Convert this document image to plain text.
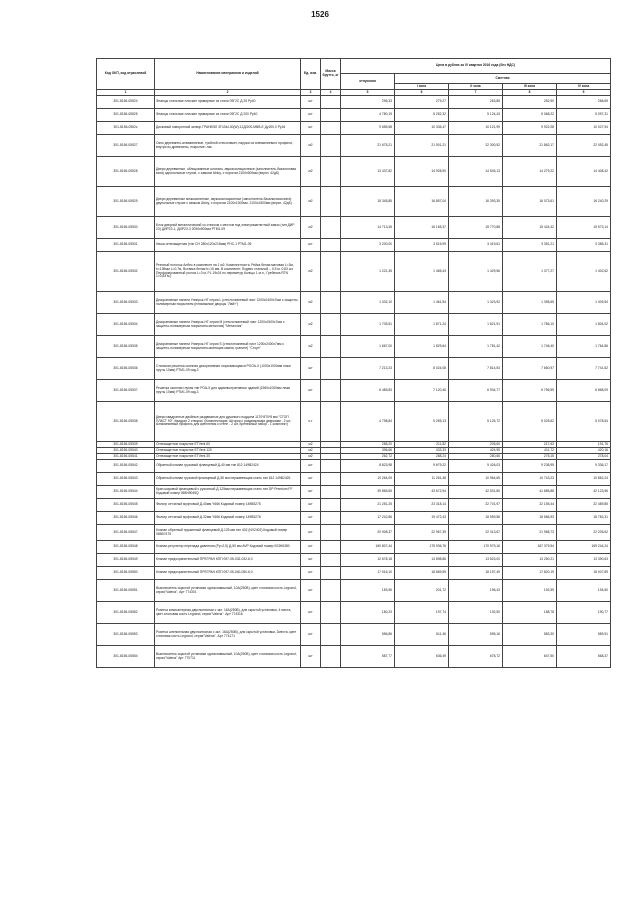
1526
Код ОКП, код отраслевой	Наименование материалов и изделий	Ед. изм.	Масса брутто, кг	Цена в рублях за IV квартал 2016 года (без НДС)				
				отпускная	Сметная			
					I зона	II зона	III зона	IV зона
1	2	3	4	5	6	7	8	9
301-8156-05524	Фланцы стальные плоские приварные из стали 09Г2С Д 25 Ру40	шт		296,33	279,27	263,85	252,90	268,69
301-8156-05525	Фланцы стальные плоские приварные из стали 09Г2С Д 200 Ру40	шт		4 780,19	5 252,32	5 124,43	5 068,22	5 097,31
301-8156-0552с	Дисковый поворотный затвор ГРАНВЭЛ ЗП-ВЫ-30(W)-12Д/200-МВВ-Е Ду200,0 Ру16	шт		9 655,58	10 336,47	10 121,99	9 922,08	10 027,94
301-8156-05527	Окно деревянно-алюминиевое, тройной стеклопакет, наружи из алюминиевого профиля, внутри из древесины, покрытие: лак	м2		21 675,21	21 901,21	22 300,52	21 862,17	22 092,45
301-8156-05528	Двери деревянные, облицованные шпоном, звукоизоляционные (заполнитель-базальтовая вата) однопольные глухие, с замком Abloy, с порогом 2100х900мм (верхн. 42дБ)	м2		13 437,82	14 928,90	14 545,13	14 279,22	14 408,42
301-8156-05529	Двери деревянные межкомнатные, звукоизоляционные (заполнитель-базальтовая вата) двупольные глухие с замком Abloy, с порогом 2100х1300мм, 2100х1500мм (верхн. 42дБ)	м2		15 345,85	16 857,04	16 393,35	16 073,61	16 240,29
301-8156-05530	Блок дверной металлический со стеклом с местом под электромагнитный замок (тип ДИР 2З) ДИР2З-1, ДИР2З-3 2090х900мм РТМ1-09	м2		14 713,45	16 165,37	15 770,88	15 424,42	15 573,14
301-8156-05531	Ниша огнезащитная (тип СН 280х120х215мм) РНС-1 РТМ1-09	шт		3 200,00	3 515,99	3 419,61	3 351,21	3 386,31
301-8156-05532	Реечный потолок Албес в комплекте на 1 м2: Комплектность: Рейка белая матовая L=3м, b=135мм L=0,7м, Вставка белая b=15 мм. В комплекте: Подвес стальной – 0,5 м. 0,83 шт. Перфорированный уголок L=3 м, PL 19х24 по периметру Кольцо 1 м.п., Гребенка RTN 1=0,83 м.)	м2		1 221,35	1 465,43	1 429,56	1 377,27	1 402,62
301-8156-05533	Декоративные панели Унипрок-НГ серии L (стеклотканевый лист 1200х2400х7мм с защитно-полимерным покрытием (плюмажные дворцы "Лайт")	м2		1 332,10	1 461,54	1 423,92	1 395,65	1 409,54
301-8156-05534	Декоративные панели Унипрок-НГ серии М (стеклотканевый лист 1200х2400х7мм с защитно-полимерным покрытием-металлик) "Металлик"	м2		1 705,51	1 871,24	1 821,91	1 786,10	1 804,02
301-8156-05535	Декоративные панели Унипрок-НГ серии S (стеклотканевый лист 1200х2400х7мм с защитно-полимерным покрытием-имитация камня, граните) "Стоун"	м2		1 667,00	1 829,64	1 781,42	1 746,40	1 764,86
301-8156-05536	Стальная решетка оконная декоративная открывающаяся РООА-Х (1000х1000мм люки пруты 10мм) РТМ1-09 изд.3	шт		7 213,23	8 024,08	7 814,53	7 660,97	7 741,62
301-8156-05537	Решетка оконная глухая тип РОА-Х для административных зданий (1960х1000мм люки пруты 10мм) РТМ1-09 изд.3	шт		6 489,83	7 120,46	6 934,77	6 796,59	6 868,09
301-8156-05538	Двери квадратные двойные раздвижные для душевого поддона 1170*870*8 мм "СТОП ПЛАСТ 90", Квадрат 2 створки. (Комплектация: Шторки с раздвижными дверками - 2 шт, Алюминиевый профиль для крепления к стене - 2 шт, Крепежный набор - 1 комплект)	к-т		4 798,84	5 265,13	5 126,72	5 025,62	5 078,54
301-8156-05539	Огнезащитное покрытие ETVent 60	м2		288,20	211,82	205,60	217,63	191,76
301-8156-05540	Огнезащитное покрытие ETVent 120	м2		396,66	433,33	424,95	411,72	420,16
301-8156-05541	Огнезащитное покрытие ETVent 30	м2		262,72	288,24	280,66	275,15	278,04
301-8156-05542	Обратный клапан грузовый фланцевый Д-40 мм тип 812 149В2424	шт		8 823,98	9 679,22	9 426,03	9 238,95	9 336,17
301-8156-05543	Обратный клапан грузовой фланцевый Д-50 мм нержавеющая сталь тип 812 149В2425	шт		10 264,09	11 261,48	10 964,65	10 743,23	10 862,24
301-8156-05544	Кран шаровой фланцевый с рукояткой Д-125мм нержавеющая сталь тип DP Premium FF Кодовый номер 065N9045Q	шт		39 865,65	43 672,94	42 531,80	41 685,88	42 123,96
301-8156-05545	Фильтр сетчатый муфтовый Д-40мм Y666 Кодовый номер 149В5275	шт		21 251,25	23 318,14	22 701,97	22 155,44	22 489,85
301-8156-05546	Фильтр сетчатый муфтовый Д-32мм Y666 Кодовый номер 149В5276	шт		17 242,86	19 472,43	18 959,58	18 586,93	18 782,31
301-8156-05547	Клапан обратный пружинный фланцевый Д-125 мм тип 402 (NV2402) Кодовый номер 065В7475	шт		20 908,37	22 967,39	22 413,67	21 968,73	22 205,62
301-8156-05548	Клапан-регулятор перепада давления (Ру=2,5) Д-50 мм AVP Кодовый номер 003Н6380	шт		160 807,44	175 936,76	170 979,16	167 379,54	169 244,24
301-8156-05549	Клапан предохранительный ПРЕГРАН КПП 097-05-032-032-6,0	шт		12 678,18	13 898,86	13 523,00	13 250,21	13 390,63
301-8156-05550	Клапан предохранительный ПРЕГРАН КПП 097-05-040-050-6,0	шт		17 016,10	18 669,59	18 197,49	17 820,19	18 007,89
301-8156-05551	Выключатель скрытой установки одноклавишный, 10A(250B), цвет слоновая кость Legrand, серия"Valena", Арт 774301	шт		183,96	201,72	196,43	192,59	194,60
301-8156-05552	Розетка компьютерная двухполюсная с зкл. 16А(250В), для скрытой установки, 4 места, цвет слоновая кость Legrand, серия"Valena". Арт 774316	шт		180,23	197,74	192,50	188,78	190,77
301-8156-05553	Розетка штепсельная двухполюсная с зкл. 16А(250В), для скрытой установки, 2места, цвет слоновая кость Legrand, серия"Valena". Арт 774171	шт		556,86	611,46	595,16	583,30	589,51
301-8156-05554	Выключатель скрытой установки одноклавишный, 10A(250B), цвет слоновая кость Legrand, серия"Valena" Арт 770711	шт		587,77	636,49	678,72	647,50	668,37
